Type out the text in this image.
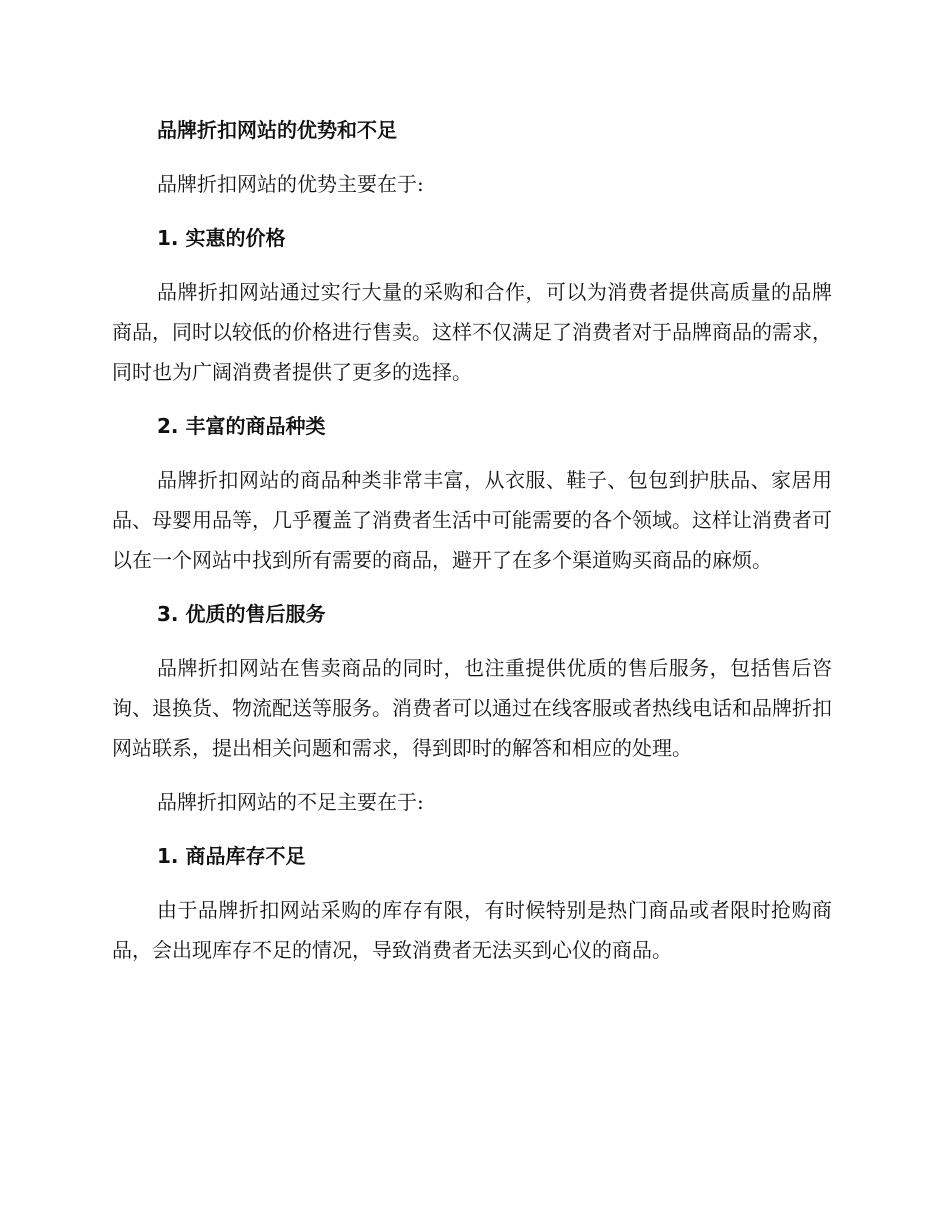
品牌折扣网站的优势和不足
品牌折扣网站的优势主要在于:
1. 实惠的价格
品牌折扣网站通过实行大量的采购和合作，可以为消费者提供高质量的品牌商品，同时以较低的价格进行售卖。这样不仅满足了消费者对于品牌商品的需求，同时也为广阔消费者提供了更多的选择。
2. 丰富的商品种类
品牌折扣网站的商品种类非常丰富，从衣服、鞋子、包包到护肤品、家居用品、母婴用品等，几乎覆盖了消费者生活中可能需要的各个领域。这样让消费者可以在一个网站中找到所有需要的商品，避开了在多个渠道购买商品的麻烦。
3. 优质的售后服务
品牌折扣网站在售卖商品的同时，也注重提供优质的售后服务，包括售后咨询、退换货、物流配送等服务。消费者可以通过在线客服或者热线电话和品牌折扣网站联系，提出相关问题和需求，得到即时的解答和相应的处理。
品牌折扣网站的不足主要在于:
1. 商品库存不足
由于品牌折扣网站采购的库存有限，有时候特别是热门商品或者限时抢购商品，会出现库存不足的情况，导致消费者无法买到心仪的商品。
